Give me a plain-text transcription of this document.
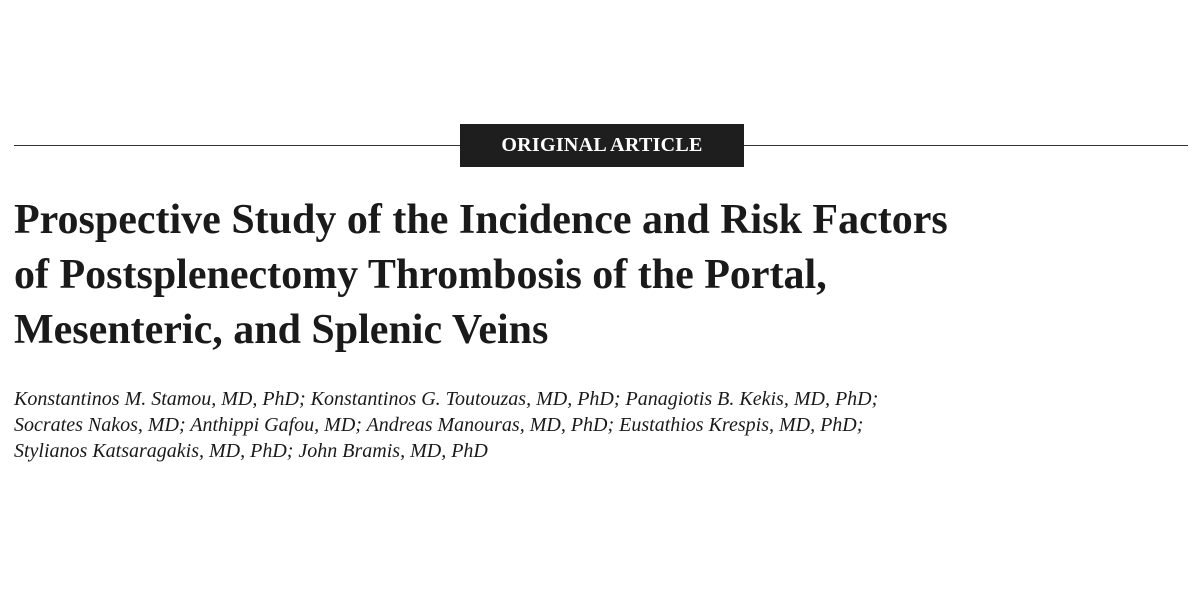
ORIGINAL ARTICLE
Prospective Study of the Incidence and Risk Factors
of Postsplenectomy Thrombosis of the Portal,
Mesenteric, and Splenic Veins

Konstantinos M. Stamou, MD, PhD; Konstantinos G. Toutouzas, MD, PhD; Panagiotis B. Kekis, MD, PhD;
Socrates Nakos, MD; Anthippi Gafou, MD; Andreas Manouras, MD, PhD; Eustathios Krespis, MD, PhD;
Stylianos Katsaragakis, MD, PhD; John Bramis, MD, PhD
